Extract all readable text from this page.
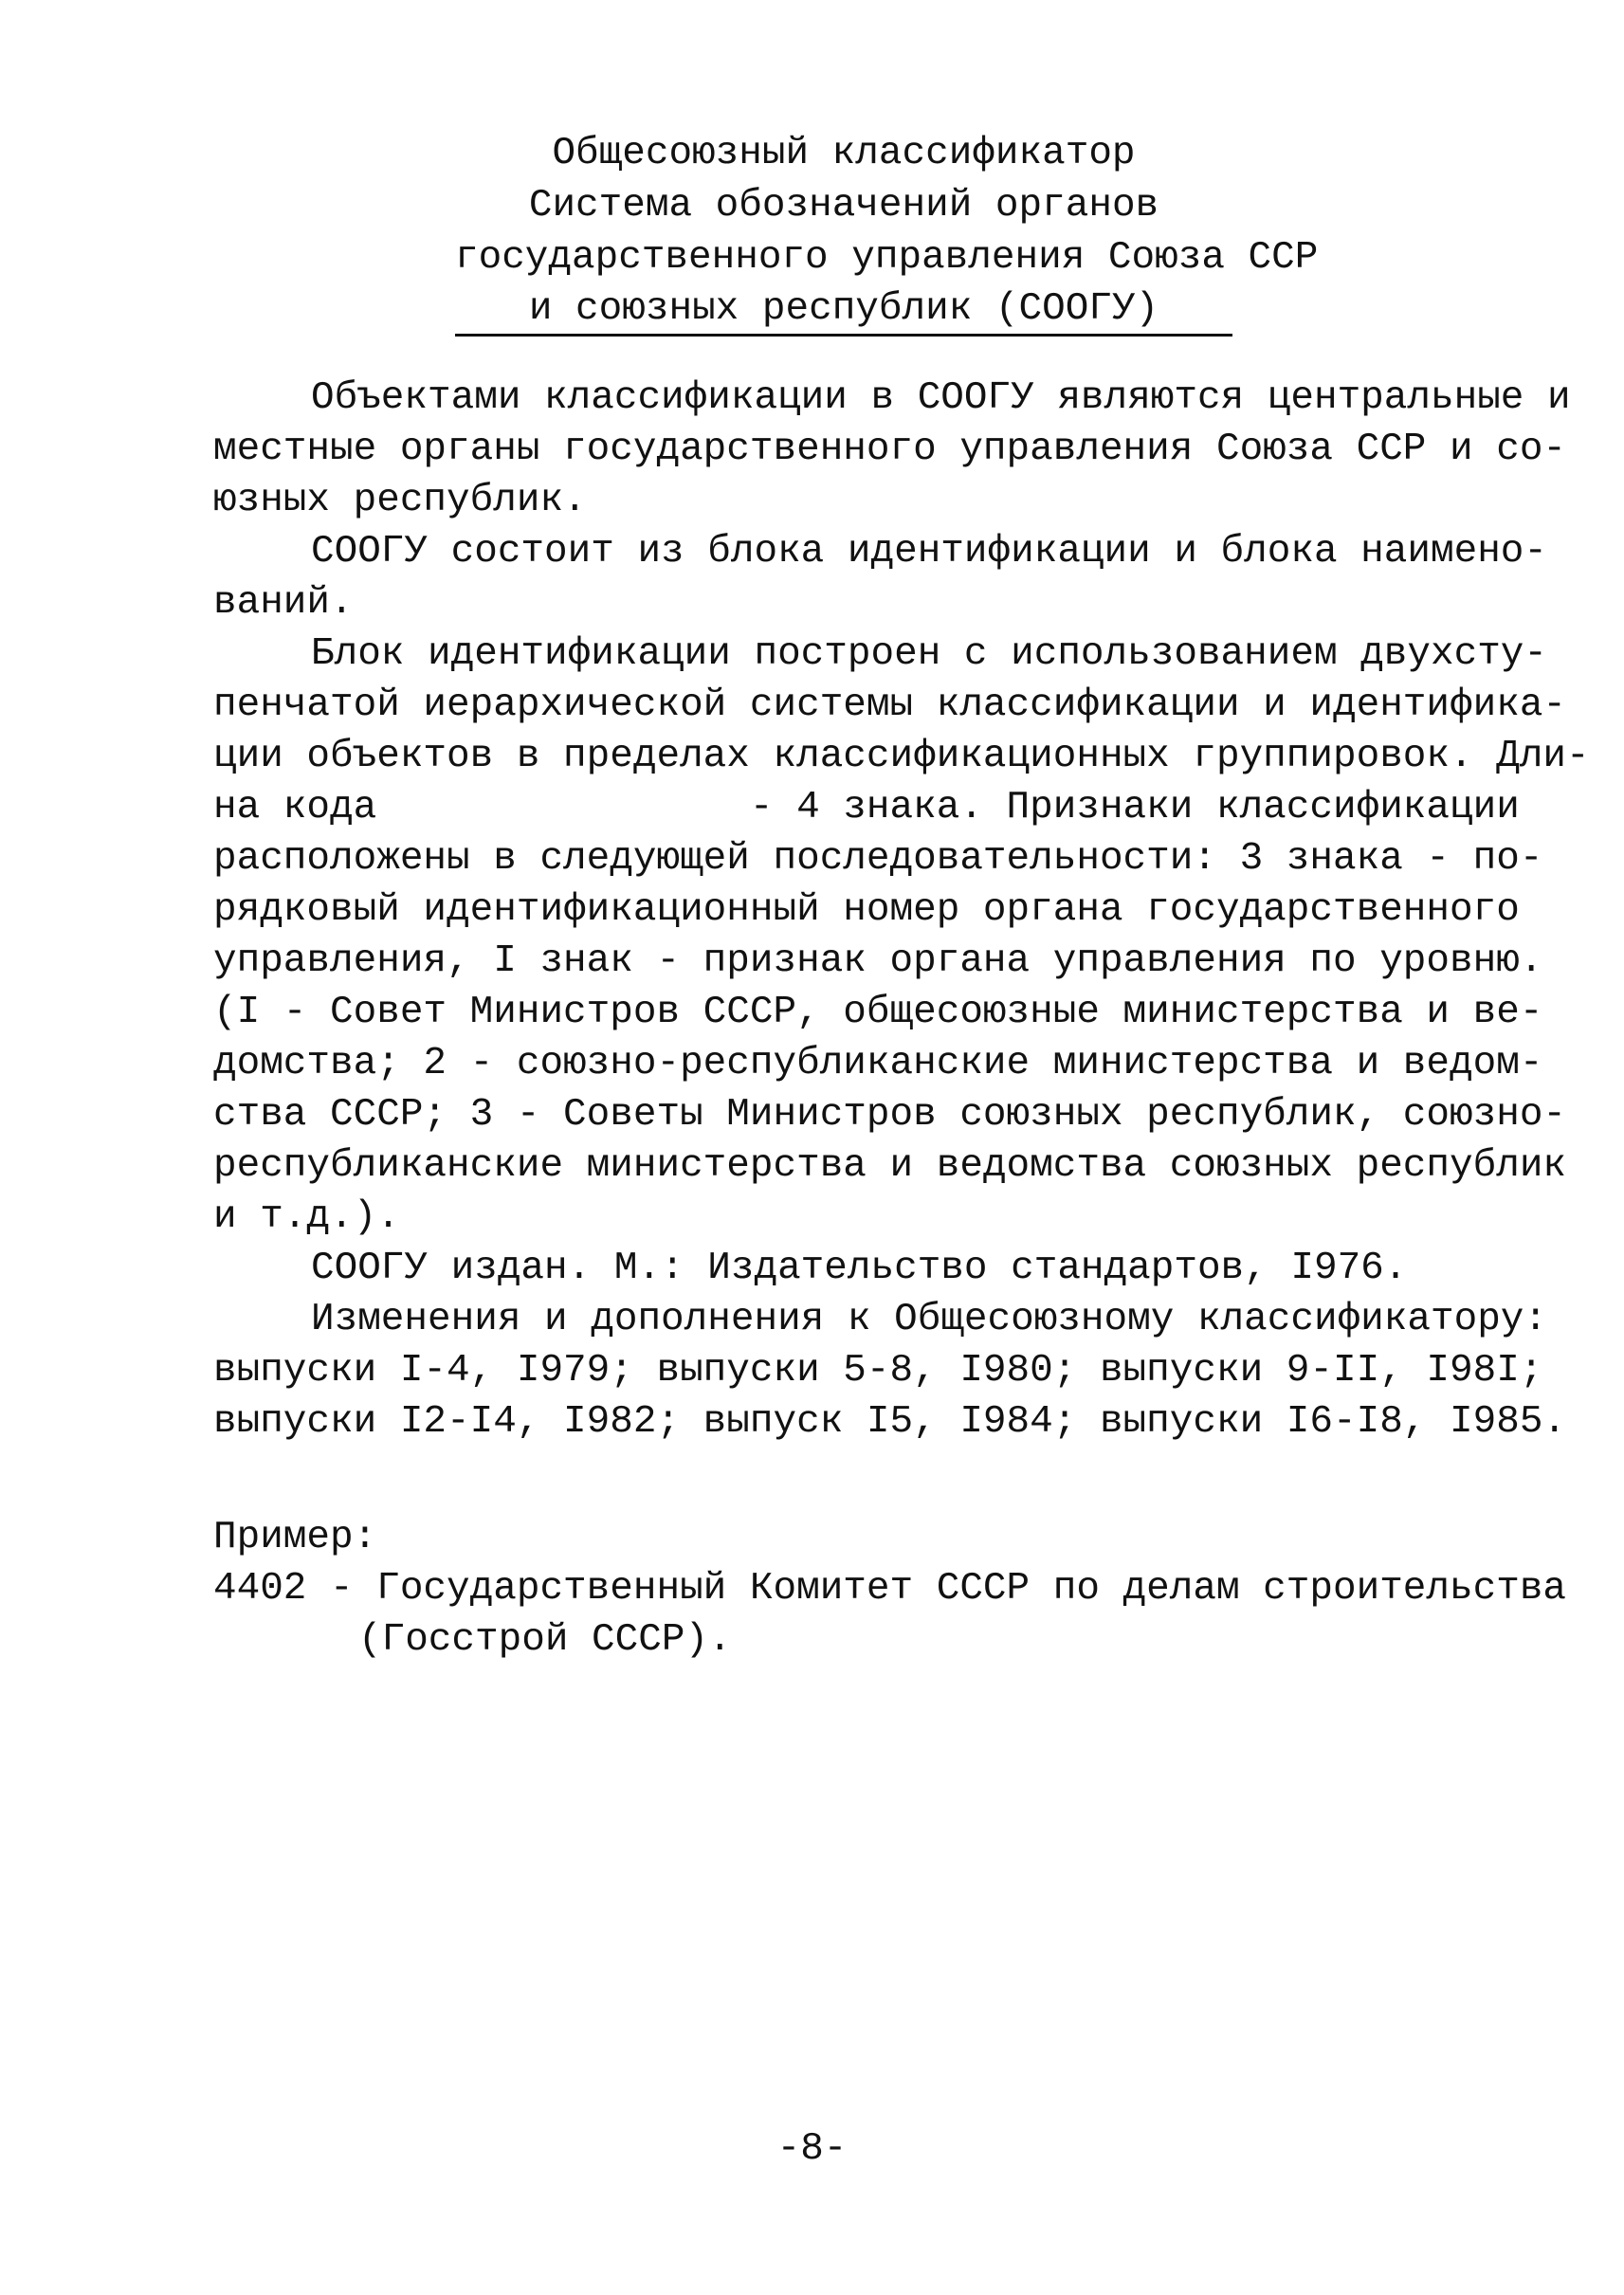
Общесоюзный классификатор
Система обозначений органов
государственного управления Союза ССР
и союзных республик (СООГУ)
Объектами классификации в СООГУ являются центральные и
местные органы государственного управления Союза ССР и со-
юзных республик.
СООГУ состоит из блока идентификации и блока наимено-
ваний.
Блок идентификации построен с использованием двухсту-
пенчатой иерархической системы классификации и идентифика-
ции объектов в пределах классификационных группировок. Дли-
на кода                - 4 знака. Признаки классификации
расположены в следующей последовательности: 3 знака - по-
рядковый идентификационный номер органа государственного
управления, I знак - признак органа управления по уровню.
(I - Совет Министров СССР, общесоюзные министерства и ве-
домства; 2 - союзно-республиканские министерства и ведом-
ства СССР; 3 - Советы Министров союзных республик, союзно-
республиканские министерства и ведомства союзных республик
и т.д.).
СООГУ издан. М.: Издательство стандартов, I976.
Изменения и дополнения к Общесоюзному классификатору:
выпуски I-4, I979; выпуски 5-8, I980; выпуски 9-II, I98I;
выпуски I2-I4, I982; выпуск I5, I984; выпуски I6-I8, I985.
Пример:
4402 - Государственный Комитет СССР по делам строительства
(Госстрой СССР).
-8-
